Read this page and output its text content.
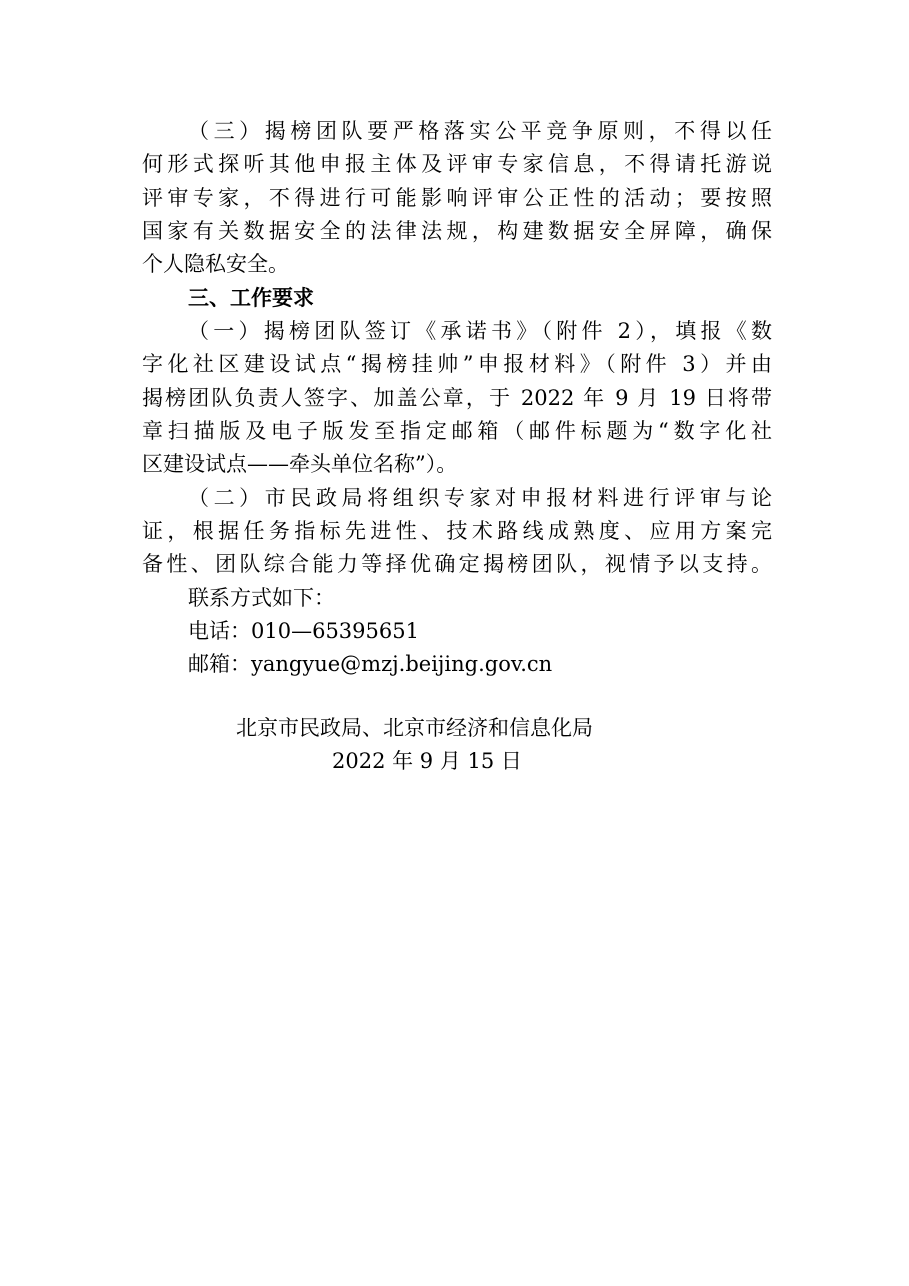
（三）揭榜团队要严格落实公平竞争原则，不得以任
何形式探听其他申报主体及评审专家信息，不得请托游说
评审专家，不得进行可能影响评审公正性的活动；要按照
国家有关数据安全的法律法规，构建数据安全屏障，确保
个人隐私安全。
三、工作要求
（一）揭榜团队签订《承诺书》（附件 2），填报《数
字化社区建设试点“揭榜挂帅”申报材料》（附件 3）并由
揭榜团队负责人签字、加盖公章，于 2022 年 9 月 19 日将带
章扫描版及电子版发至指定邮箱（邮件标题为“数字化社
区建设试点——牵头单位名称”）。
（二）市民政局将组织专家对申报材料进行评审与论
证，根据任务指标先进性、技术路线成熟度、应用方案完
备性、团队综合能力等择优确定揭榜团队，视情予以支持。
联系方式如下：
电话：010—65395651
邮箱：yangyue@mzj.beijing.gov.cn
北京市民政局、北京市经济和信息化局
2022 年 9 月 15 日
